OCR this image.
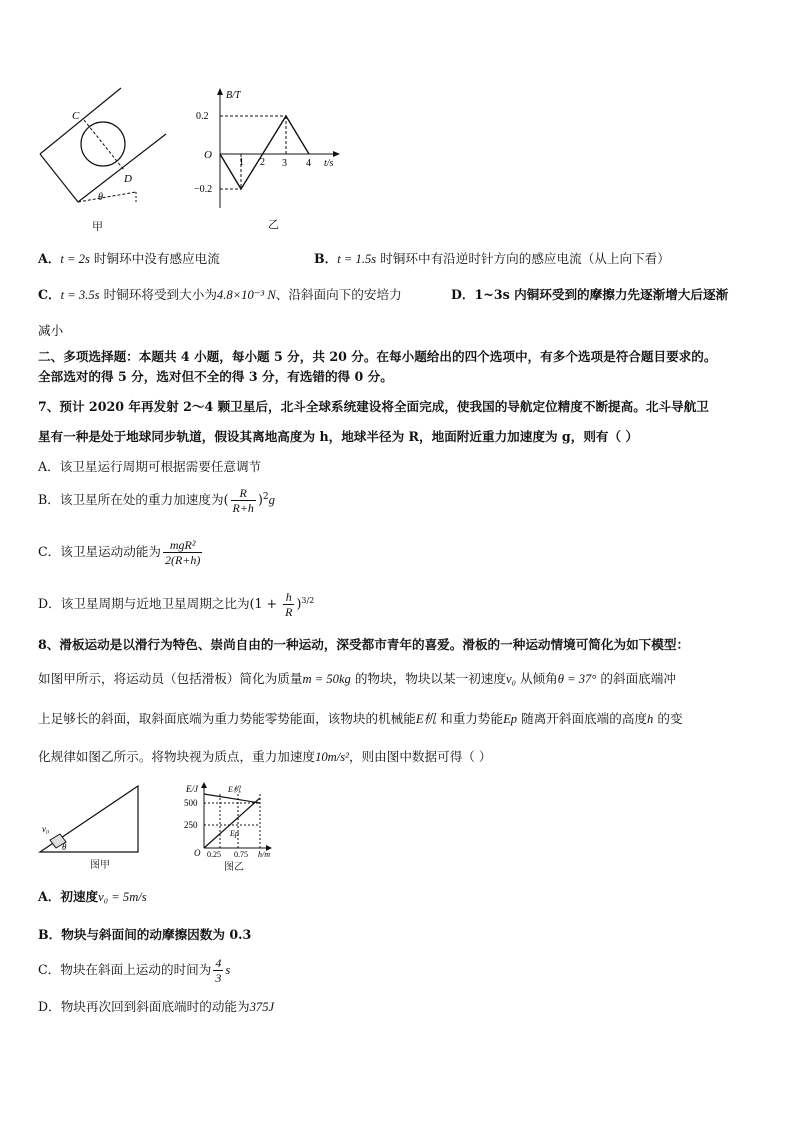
C
D
θ
甲
B/T
t/s
O
0.2
−0.2
1 2 3 4
乙
A．t = 2s 时铜环中没有感应电流	B．t = 1.5s 时铜环中有沿逆时针方向的感应电流（从上向下看）
C．t = 3.5s 时铜环将受到大小为4.8×10⁻³ N、沿斜面向下的安培力	D．1~3s 内铜环受到的摩擦力先逐渐增大后逐渐
减小
二、多项选择题：本题共 4 小题，每小题 5 分，共 20 分。在每小题给出的四个选项中，有多个选项是符合题目要求的。
全部选对的得 5 分，选对但不全的得 3 分，有选错的得 0 分。
7、预计 2020 年再发射 2～4 颗卫星后，北斗全球系统建设将全面完成，使我国的导航定位精度不断提高。北斗导航卫
星有一种是处于地球同步轨道，假设其离地高度为 h，地球半径为 R，地面附近重力加速度为 g，则有（ ）
A．该卫星运行周期可根据需要任意调节
B．该卫星所在处的重力加速度为( $\frac{R}{R+h} )^2g$
C．该卫星运动动能为 $\frac{\text{mgR²}}{2(R+h)}$
D．该卫星周期与近地卫星周期之比为$(1 + \frac{h}{R} )^{3/2}$
8、滑板运动是以滑行为特色、崇尚自由的一种运动，深受都市青年的喜爱。滑板的一种运动情境可简化为如下模型：
如图甲所示，将运动员（包括滑板）简化为质量m = 50kg 的物块，物块以某一初速度v₀ 从倾角θ = 37° 的斜面底端冲
上足够长的斜面，取斜面底端为重力势能零势能面，该物块的机械能E机 和重力势能Ep 随离开斜面底端的高度h 的变
化规律如图乙所示。将物块视为质点，重力加速度10m/s²，则由图中数据可得（ ）
v₀
θ
图甲
E/J
O
500
250
E机
Ep
0.25 0.75 h/m
图乙
A．初速度v₀ = 5m/s
B．物块与斜面间的动摩擦因数为 0.3
C．物块在斜面上运动的时间为 $\frac{4}{3}$ s
D．物块再次回到斜面底端时的动能为375J
